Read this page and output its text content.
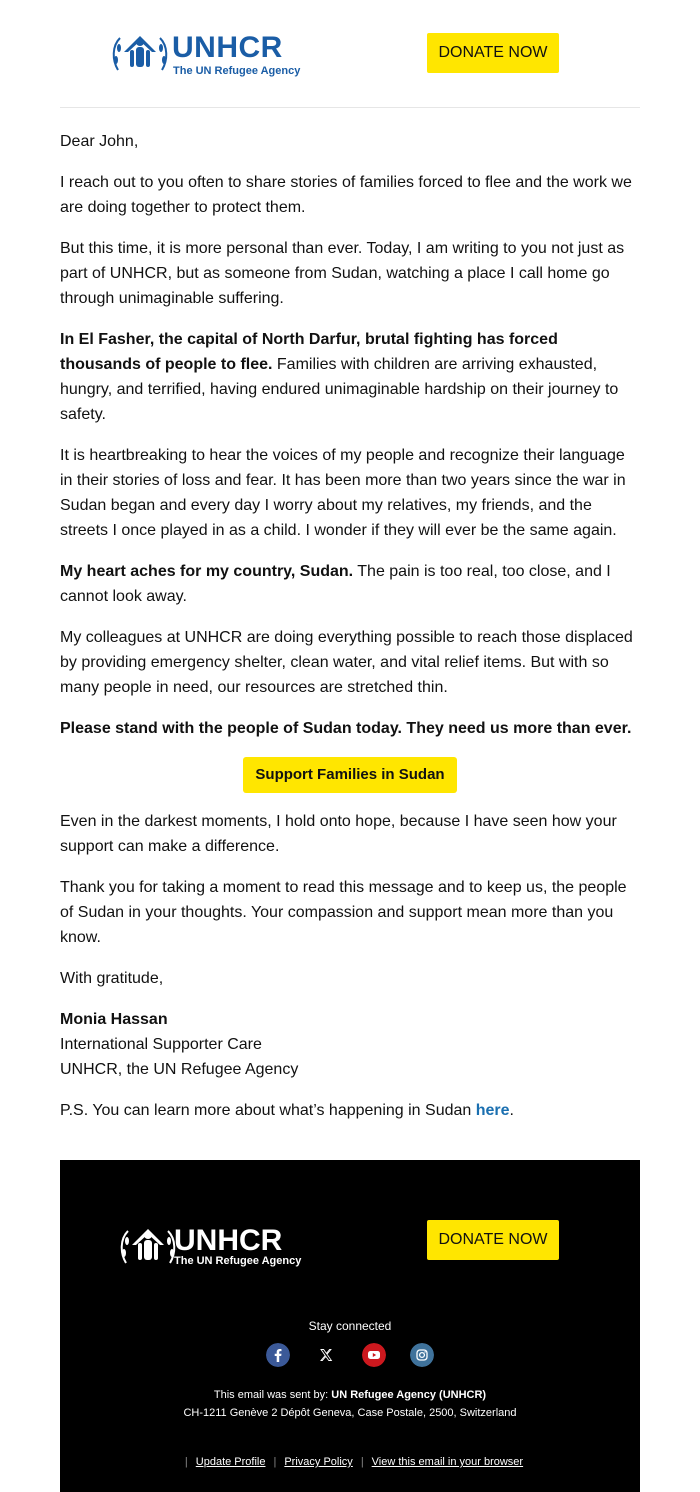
UNHCR
The UN Refugee Agency
DONATE NOW

Dear John,

I reach out to you often to share stories of families forced to flee and the work we are doing together to protect them.

But this time, it is more personal than ever. Today, I am writing to you not just as part of UNHCR, but as someone from Sudan, watching a place I call home go through unimaginable suffering.

In El Fasher, the capital of North Darfur, brutal fighting has forced thousands of people to flee. Families with children are arriving exhausted, hungry, and terrified, having endured unimaginable hardship on their journey to safety.

It is heartbreaking to hear the voices of my people and recognize their language in their stories of loss and fear. It has been more than two years since the war in Sudan began and every day I worry about my relatives, my friends, and the streets I once played in as a child. I wonder if they will ever be the same again.

My heart aches for my country, Sudan. The pain is too real, too close, and I cannot look away.

My colleagues at UNHCR are doing everything possible to reach those displaced by providing emergency shelter, clean water, and vital relief items. But with so many people in need, our resources are stretched thin.

Please stand with the people of Sudan today. They need us more than ever.

Support Families in Sudan

Even in the darkest moments, I hold onto hope, because I have seen how your support can make a difference.

Thank you for taking a moment to read this message and to keep us, the people of Sudan in your thoughts. Your compassion and support mean more than you know.

With gratitude,

Monia Hassan

International Supporter Care

UNHCR, the UN Refugee Agency

P.S. You can learn more about what’s happening in Sudan here.

UNHCR
The UN Refugee Agency
DONATE NOW
Stay connected
This email was sent by: UN Refugee Agency (UNHCR)
CH-1211 Genève 2 Dépôt Geneva, Case Postale, 2500, Switzerland
| Update Profile | Privacy Policy | View this email in your browser
